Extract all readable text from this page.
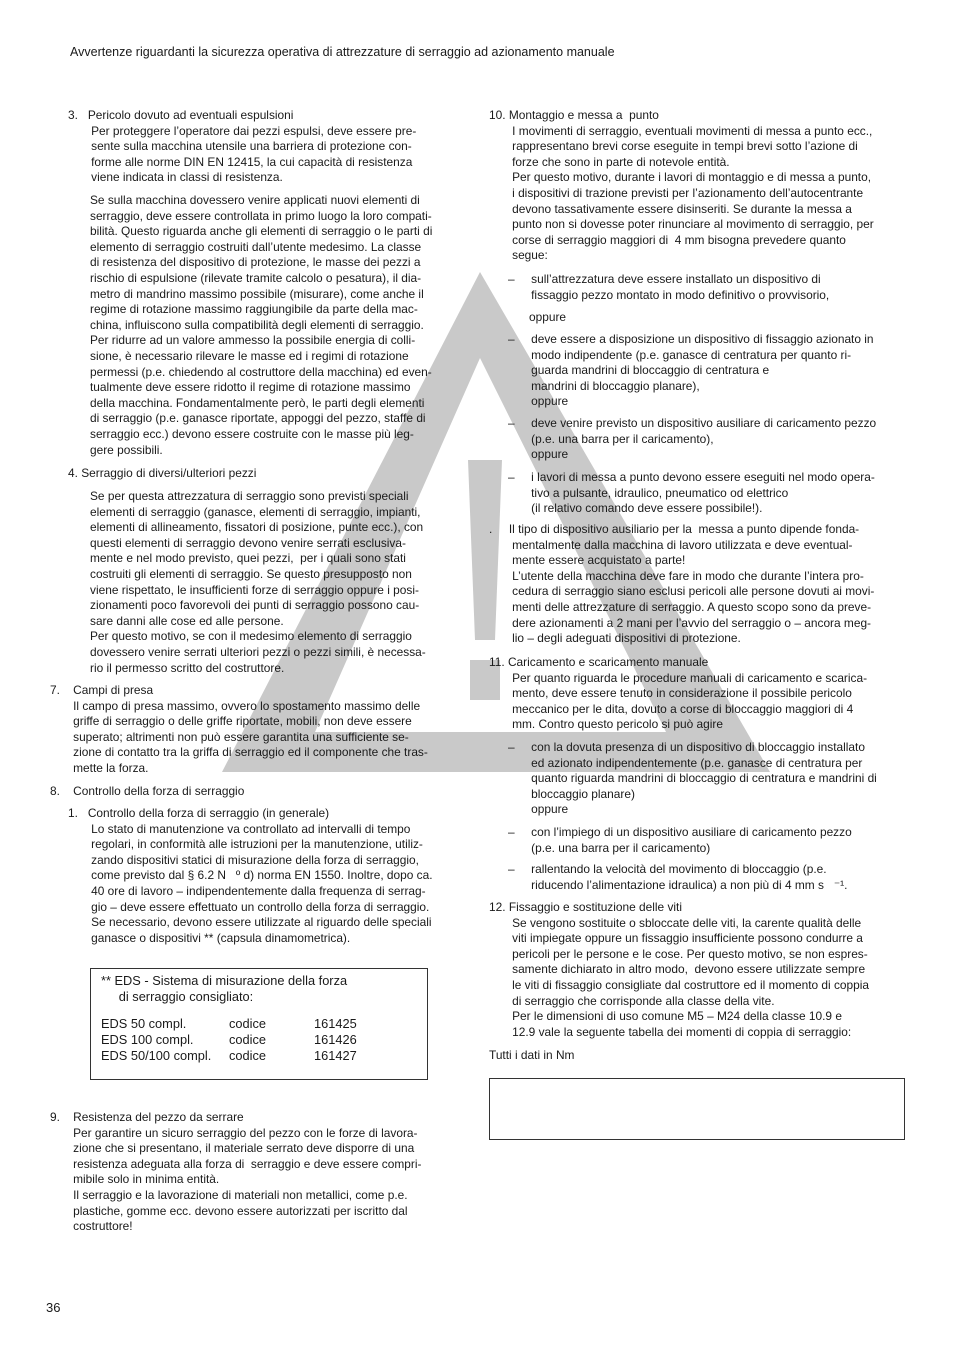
Avvertenze riguardanti la sicurezza operativa di attrezzature di serraggio ad azionamento manuale
3.   Pericolo dovuto ad eventuali espulsioni
Per proteggere l’operatore dai pezzi espulsi, deve essere pre-
sente sulla macchina utensile una barriera di protezione con-
forme alle norme DIN EN 12415, la cui capacità di resistenza
viene indicata in classi di resistenza.
Se sulla macchina dovessero venire applicati nuovi elementi di
serraggio, deve essere controllata in primo luogo la loro compati-
bilità. Questo riguarda anche gli elementi di serraggio o le parti di
elemento di serraggio costruiti dall’utente medesimo. La classe
di resistenza del dispositivo di protezione, le masse dei pezzi a
rischio di espulsione (rilevate tramite calcolo o pesatura), il dia-
metro di mandrino massimo possibile (misurare), come anche il
regime di rotazione massimo raggiungibile da parte della mac-
china, influiscono sulla compatibilità degli elementi di serraggio.
Per ridurre ad un valore ammesso la possibile energia di colli-
sione, è necessario rilevare le masse ed i regimi di rotazione
permessi (p.e. chiedendo al costruttore della macchina) ed even-
tualmente deve essere ridotto il regime di rotazione massimo
della macchina. Fondamentalmente però, le parti degli elementi
di serraggio (p.e. ganasce riportate, appoggi del pezzo, staffe di
serraggio ecc.) devono essere costruite con le masse più leg-
gere possibili.
4. Serraggio di diversi/ulteriori pezzi
Se per questa attrezzatura di serraggio sono previsti speciali
elementi di serraggio (ganasce, elementi di serraggio, impianti,
elementi di allineamento, fissatori di posizione, punte ecc.), con
questi elementi di serraggio devono venire serrati esclusiva-
mente e nel modo previsto, quei pezzi,  per i quali sono stati
costruiti gli elementi di serraggio. Se questo presupposto non
viene rispettato, le insufficienti forze di serraggio oppure i posi-
zionamenti poco favorevoli dei punti di serraggio possono cau-
sare danni alle cose ed alle persone.
Per questo motivo, se con il medesimo elemento di serraggio
dovessero venire serrati ulteriori pezzi o pezzi simili, è necessa-
rio il permesso scritto del costruttore.
7.    Campi di presa
Il campo di presa massimo, ovvero lo spostamento massimo delle
griffe di serraggio o delle griffe riportate, mobili, non deve essere
superato; altrimenti non può essere garantita una sufficiente se-
zione di contatto tra la griffa di serraggio ed il componente che tras-
mette la forza.
8.    Controllo della forza di serraggio
1.   Controllo della forza di serraggio (in generale)
Lo stato di manutenzione va controllato ad intervalli di tempo
regolari, in conformità alle istruzioni per la manutenzione, utiliz-
zando dispositivi statici di misurazione della forza di serraggio,
come previsto dal § 6.2 N   º d) norma EN 1550. Inoltre, dopo ca.
40 ore di lavoro – indipendentemente dalla frequenza di serrag-
gio – deve essere effettuato un controllo della forza di serraggio.
Se necessario, devono essere utilizzate al riguardo delle speciali
ganasce o dispositivi ** (capsula dinamometrica).
** EDS - Sistema di misurazione della forza
di serraggio consigliato:
EDS 50 compl.	codice	161425
EDS 100 compl.	codice	161426
EDS 50/100 compl. codice	161427
9.    Resistenza del pezzo da serrare
Per garantire un sicuro serraggio del pezzo con le forze di lavora-
zione che si presentano, il materiale serrato deve disporre di una
resistenza adeguata alla forza di  serraggio e deve essere compri-
mibile solo in minima entità.
Il serraggio e la lavorazione di materiali non metallici, come p.e.
plastiche, gomme ecc. devono essere autorizzati per iscritto dal
costruttore!
10. Montaggio e messa a  punto
I movimenti di serraggio, eventuali movimenti di messa a punto ecc.,
rappresentano brevi corse eseguite in tempi brevi sotto l’azione di
forze che sono in parte di notevole entità.
Per questo motivo, durante i lavori di montaggio e di messa a punto,
i dispositivi di trazione previsti per l’azionamento dell’autocentrante
devono tassativamente essere disinseriti. Se durante la messa a
punto non si dovesse poter rinunciare al movimento di serraggio, per
corse di serraggio maggiori di  4 mm bisogna prevedere quanto
segue:
–     sull’attrezzatura deve essere installato un dispositivo di
fissaggio pezzo montato in modo definitivo o provvisorio,
oppure
–     deve essere a disposizione un dispositivo di fissaggio azionato in
modo indipendente (p.e. ganasce di centratura per quanto ri-
guarda mandrini di bloccaggio di centratura e
mandrini di bloccaggio planare),
oppure
–     deve venire previsto un dispositivo ausiliare di caricamento pezzo
(p.e. una barra per il caricamento),
oppure
–     i lavori di messa a punto devono essere eseguiti nel modo opera-
tivo a pulsante, idraulico, pneumatico od elettrico
(il relativo comando deve essere possibile!).
.     Il tipo di dispositivo ausiliario per la  messa a punto dipende fonda-
mentalmente dalla macchina di lavoro utilizzata e deve eventual-
mente essere acquistato a parte!
L’utente della macchina deve fare in modo che durante l’intera pro-
cedura di serraggio siano esclusi pericoli alle persone dovuti ai movi-
menti delle attrezzature di serraggio. A questo scopo sono da preve-
dere azionamenti a 2 mani per l’avvio del serraggio o – ancora meg-
lio – degli adeguati dispositivi di protezione.
11. Caricamento e scaricamento manuale
Per quanto riguarda le procedure manuali di caricamento e scarica-
mento, deve essere tenuto in considerazione il possibile pericolo
meccanico per le dita, dovuto a corse di bloccaggio maggiori di 4
mm. Contro questo pericolo si può agire
–     con la dovuta presenza di un dispositivo di bloccaggio installato
ed azionato indipendentemente (p.e. ganasce di centratura per
quanto riguarda mandrini di bloccaggio di centratura e mandrini di
bloccaggio planare)
oppure
–     con l’impiego di un dispositivo ausiliare di caricamento pezzo
(p.e. una barra per il caricamento)
–     rallentando la velocità del movimento di bloccaggio (p.e.
riducendo l’alimentazione idraulica) a non più di 4 mm s   ⁻¹.
12. Fissaggio e sostituzione delle viti
Se vengono sostituite o sbloccate delle viti, la carente qualità delle
viti impiegate oppure un fissaggio insufficiente possono condurre a
pericoli per le persone e le cose. Per questo motivo, se non espres-
samente dichiarato in altro modo,  devono essere utilizzate sempre
le viti di fissaggio consigliate dal costruttore ed il momento di coppia
di serraggio che corrisponde alla classe della vite.
Per le dimensioni di uso comune M5 – M24 della classe 10.9 e
12.9 vale la seguente tabella dei momenti di coppia di serraggio:
Tutti i dati in Nm
36
